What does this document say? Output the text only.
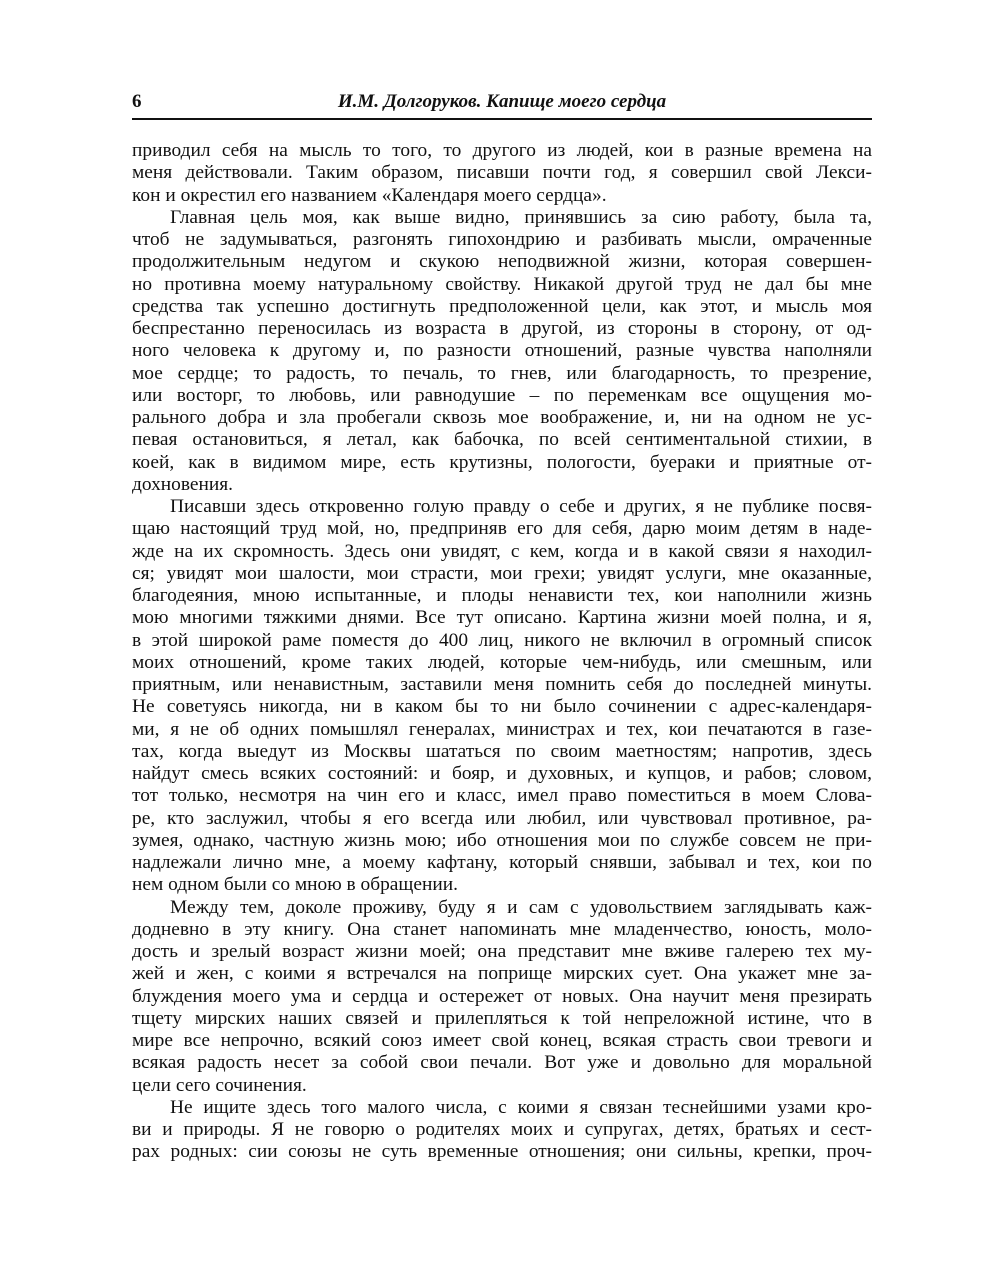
6	И.М. Долгоруков. Капище моего сердца
приводил себя на мысль то того, то другого из людей, кои в разные времена на
меня действовали. Таким образом, писавши почти год, я совершил свой Лекси-
кон и окрестил его названием «Календаря моего сердца».
Главная цель моя, как выше видно, принявшись за сию работу, была та,
чтоб не задумываться, разгонять гипохондрию и разбивать мысли, омраченные
продолжительным недугом и скукою неподвижной жизни, которая совершен-
но противна моему натуральному свойству. Никакой другой труд не дал бы мне
средства так успешно достигнуть предположенной цели, как этот, и мысль моя
беспрестанно переносилась из возраста в другой, из стороны в сторону, от од-
ного человека к другому и, по разности отношений, разные чувства наполняли
мое сердце; то радость, то печаль, то гнев, или благодарность, то презрение,
или восторг, то любовь, или равнодушие – по переменкам все ощущения мо-
рального добра и зла пробегали сквозь мое воображение, и, ни на одном не ус-
певая остановиться, я летал, как бабочка, по всей сентиментальной стихии, в
коей, как в видимом мире, есть крутизны, пологости, буераки и приятные от-
дохновения.
Писавши здесь откровенно голую правду о себе и других, я не публике посвя-
щаю настоящий труд мой, но, предприняв его для себя, дарю моим детям в наде-
жде на их скромность. Здесь они увидят, с кем, когда и в какой связи я находил-
ся; увидят мои шалости, мои страсти, мои грехи; увидят услуги, мне оказанные,
благодеяния, мною испытанные, и плоды ненависти тех, кои наполнили жизнь
мою многими тяжкими днями. Все тут описано. Картина жизни моей полна, и я,
в этой широкой раме поместя до 400 лиц, никого не включил в огромный список
моих отношений, кроме таких людей, которые чем-нибудь, или смешным, или
приятным, или ненавистным, заставили меня помнить себя до последней минуты.
Не советуясь никогда, ни в каком бы то ни было сочинении с адрес-календаря-
ми, я не об одних помышлял генералах, министрах и тех, кои печатаются в газе-
тах, когда выедут из Москвы шататься по своим маетностям; напротив, здесь
найдут смесь всяких состояний: и бояр, и духовных, и купцов, и рабов; словом,
тот только, несмотря на чин его и класс, имел право поместиться в моем Слова-
ре, кто заслужил, чтобы я его всегда или любил, или чувствовал противное, ра-
зумея, однако, частную жизнь мою; ибо отношения мои по службе совсем не при-
надлежали лично мне, а моему кафтану, который снявши, забывал и тех, кои по
нем одном были со мною в обращении.
Между тем, доколе проживу, буду я и сам с удовольствием заглядывать каж-
додневно в эту книгу. Она станет напоминать мне младенчество, юность, моло-
дость и зрелый возраст жизни моей; она представит мне вживе галерею тех му-
жей и жен, с коими я встречался на поприще мирских сует. Она укажет мне за-
блуждения моего ума и сердца и остережет от новых. Она научит меня презирать
тщету мирских наших связей и прилепляться к той непреложной истине, что в
мире все непрочно, всякий союз имеет свой конец, всякая страсть свои тревоги и
всякая радость несет за собой свои печали. Вот уже и довольно для моральной
цели сего сочинения.
Не ищите здесь того малого числа, с коими я связан теснейшими узами кро-
ви и природы. Я не говорю о родителях моих и супругах, детях, братьях и сест-
рах родных: сии союзы не суть временные отношения; они сильны, крепки, проч-
